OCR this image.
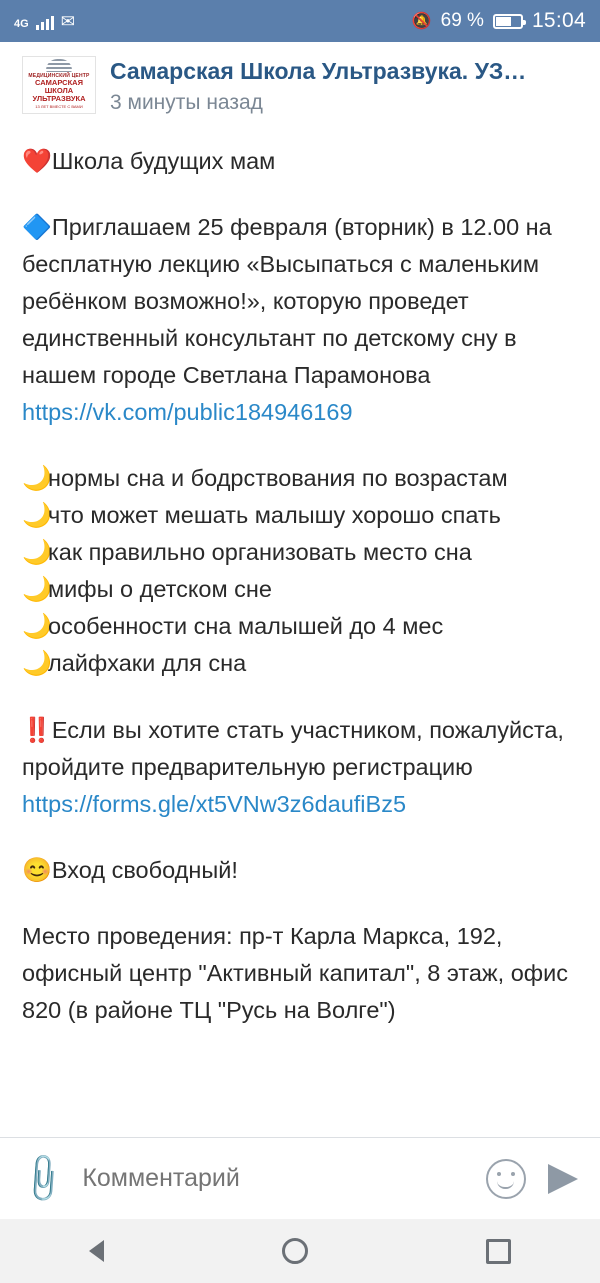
4G ✉	🔕 69 % 15:04
МЕДИЦИНСКИЙ ЦЕНТР
САМАРСКАЯ ШКОЛА УЛЬТРАЗВУКА
13 ЛЕТ ВМЕСТЕ С ВАМИ
Самарская Школа Ультразвука. УЗ…
3 минуты назад
❤️Школа будущих мам
🔷Приглашаем 25 февраля (вторник) в 12.00 на бесплатную лекцию «Высыпаться с маленьким ребёнком возможно!», которую проведет единственный консультант по детскому сну в нашем городе Светлана Парамонова https://vk.com/public184946169
🌙
нормы сна и бодрствования по возрастам
🌙
что может мешать малышу хорошо спать
🌙
как правильно организовать место сна
🌙
мифы о детском сне
🌙
особенности сна малышей до 4 мес
🌙
лайфхаки для сна
‼️Если вы хотите стать участником, пожалуйста, пройдите предварительную регистрацию https://forms.gle/xt5VNw3z6daufiBz5
😊Вход свободный!
Место проведения: пр-т Карла Маркса, 192, офисный центр "Активный капитал", 8 этаж, офис 820 (в районе ТЦ "Русь на Волге")
📎
Комментарий
